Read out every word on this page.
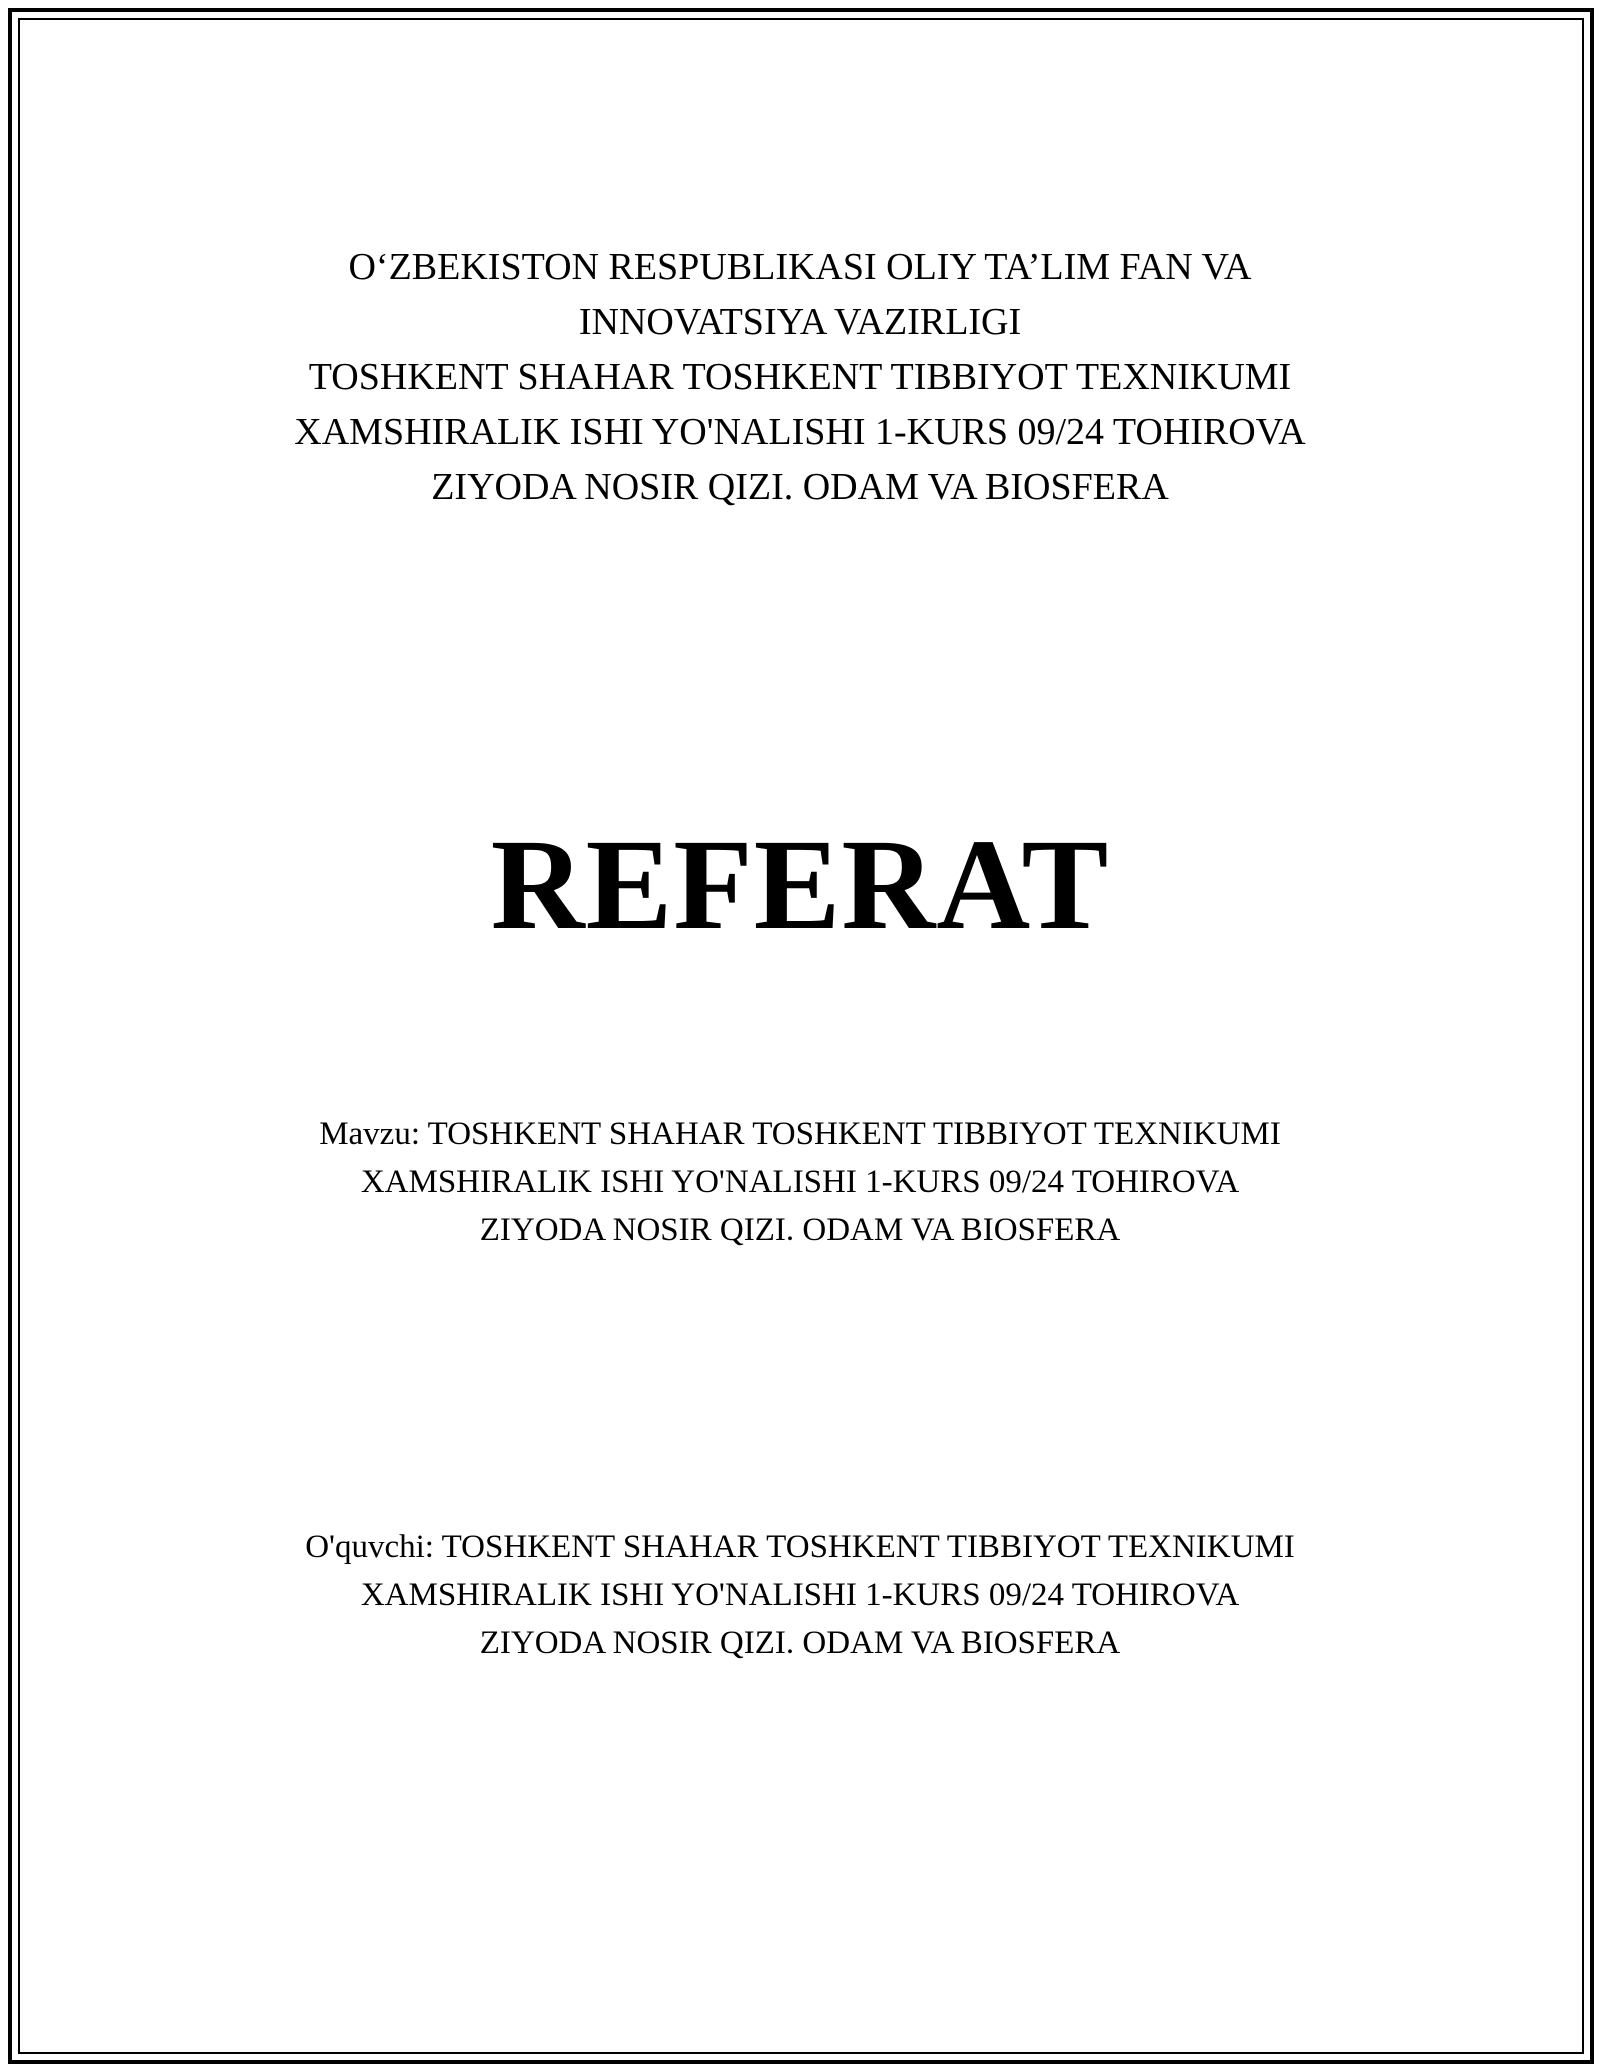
O‘ZBEKISTON RESPUBLIKASI OLIY TA’LIM FAN VA
INNOVATSIYA VAZIRLIGI
TOSHKENT SHAHAR TOSHKENT TIBBIYOT TEXNIKUMI
XAMSHIRALIK ISHI YO'NALISHI 1-KURS 09/24 TOHIROVA
ZIYODA NOSIR QIZI. ODAM VA BIOSFERA
REFERAT
Mavzu: TOSHKENT SHAHAR TOSHKENT TIBBIYOT TEXNIKUMI
XAMSHIRALIK ISHI YO'NALISHI 1-KURS 09/24 TOHIROVA
ZIYODA NOSIR QIZI. ODAM VA BIOSFERA
O'quvchi: TOSHKENT SHAHAR TOSHKENT TIBBIYOT TEXNIKUMI
XAMSHIRALIK ISHI YO'NALISHI 1-KURS 09/24 TOHIROVA
ZIYODA NOSIR QIZI. ODAM VA BIOSFERA
